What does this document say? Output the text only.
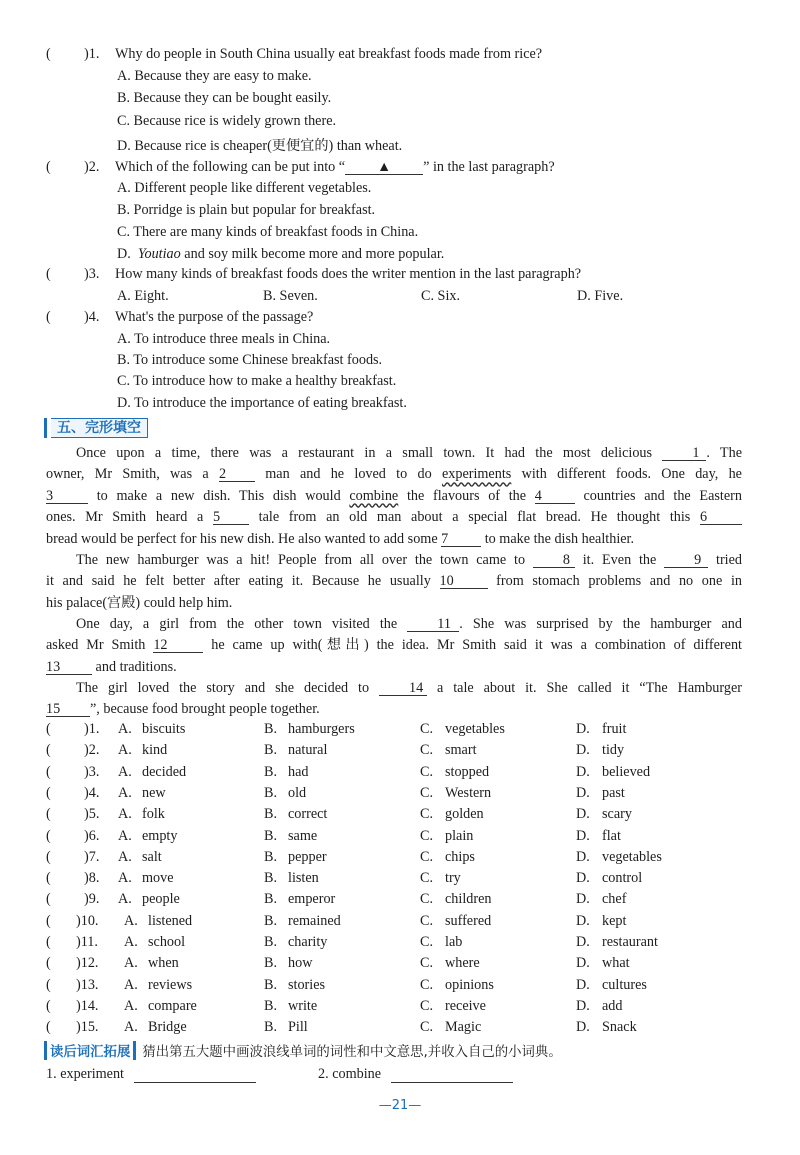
( )1. Why do people in South China usually eat breakfast foods made from rice?
A. Because they are easy to make.
B. Because they can be bought easily.
C. Because rice is widely grown there.
D. Because rice is cheaper(更便宜的) than wheat.
( )2. Which of the following can be put into “ ▲ ” in the last paragraph?
A. Different people like different vegetables.
B. Porridge is plain but popular for breakfast.
C. There are many kinds of breakfast foods in China.
D. Youtiao and soy milk become more and more popular.
( )3. How many kinds of breakfast foods does the writer mention in the last paragraph?
A. Eight.	B. Seven.	C. Six.	D. Five.
( )4. What's the purpose of the passage?
A. To introduce three meals in China.
B. To introduce some Chinese breakfast foods.
C. To introduce how to make a healthy breakfast.
D. To introduce the importance of eating breakfast.
五、完形填空
Once upon a time, there was a restaurant in a small town. It had the most delicious 1 . The
owner, Mr Smith, was a 2 man and he loved to do experiments with different foods. One day, he
3 to make a new dish. This dish would combine the flavours of the 4 countries and the Eastern
ones. Mr Smith heard a 5 tale from an old man about a special flat bread. He thought this 6
bread would be perfect for his new dish. He also wanted to add some 7 to make the dish healthier.
The new hamburger was a hit! People from all over the town came to 8 it. Even the 9 tried
it and said he felt better after eating it. Because he usually 10 from stomach problems and no one in
his palace(宫殿) could help him.
One day, a girl from the other town visited the 11 . She was surprised by the hamburger and
asked Mr Smith 12	he came up with(想出) the idea. Mr Smith said it was a combination of different
13 and traditions.
The girl loved the story and she decided to 14 a tale about it. She called it “The Hamburger
15 ”, because food brought people together.
( )1. A. biscuits	B. hamburgers	C. vegetables	D. fruit
( )2. A. kind	B. natural	C. smart	D. tidy
( )3. A. decided	B. had	C. stopped	D. believed
( )4. A. new	B. old	C. Western	D. past
( )5. A. folk	B. correct	C. golden	D. scary
( )6. A. empty	B. same	C. plain	D. flat
( )7. A. salt	B. pepper	C. chips	D. vegetables
( )8. A. move	B. listen	C. try	D. control
( )9. A. people	B. emperor	C. children	D. chef
( )10. A. listened	B. remained	C. suffered	D. kept
( )11. A. school	B. charity	C. lab	D. restaurant
( )12. A. when	B. how	C. where	D. what
( )13. A. reviews	B. stories	C. opinions	D. cultures
( )14. A. compare	B. write	C. receive	D. add
( )15. A. Bridge	B. Pill	C. Magic	D. Snack
读后词汇拓展 猜出第五大题中画波浪线单词的词性和中文意思,并收入自己的小词典。
1. experiment	2. combine
—21—
